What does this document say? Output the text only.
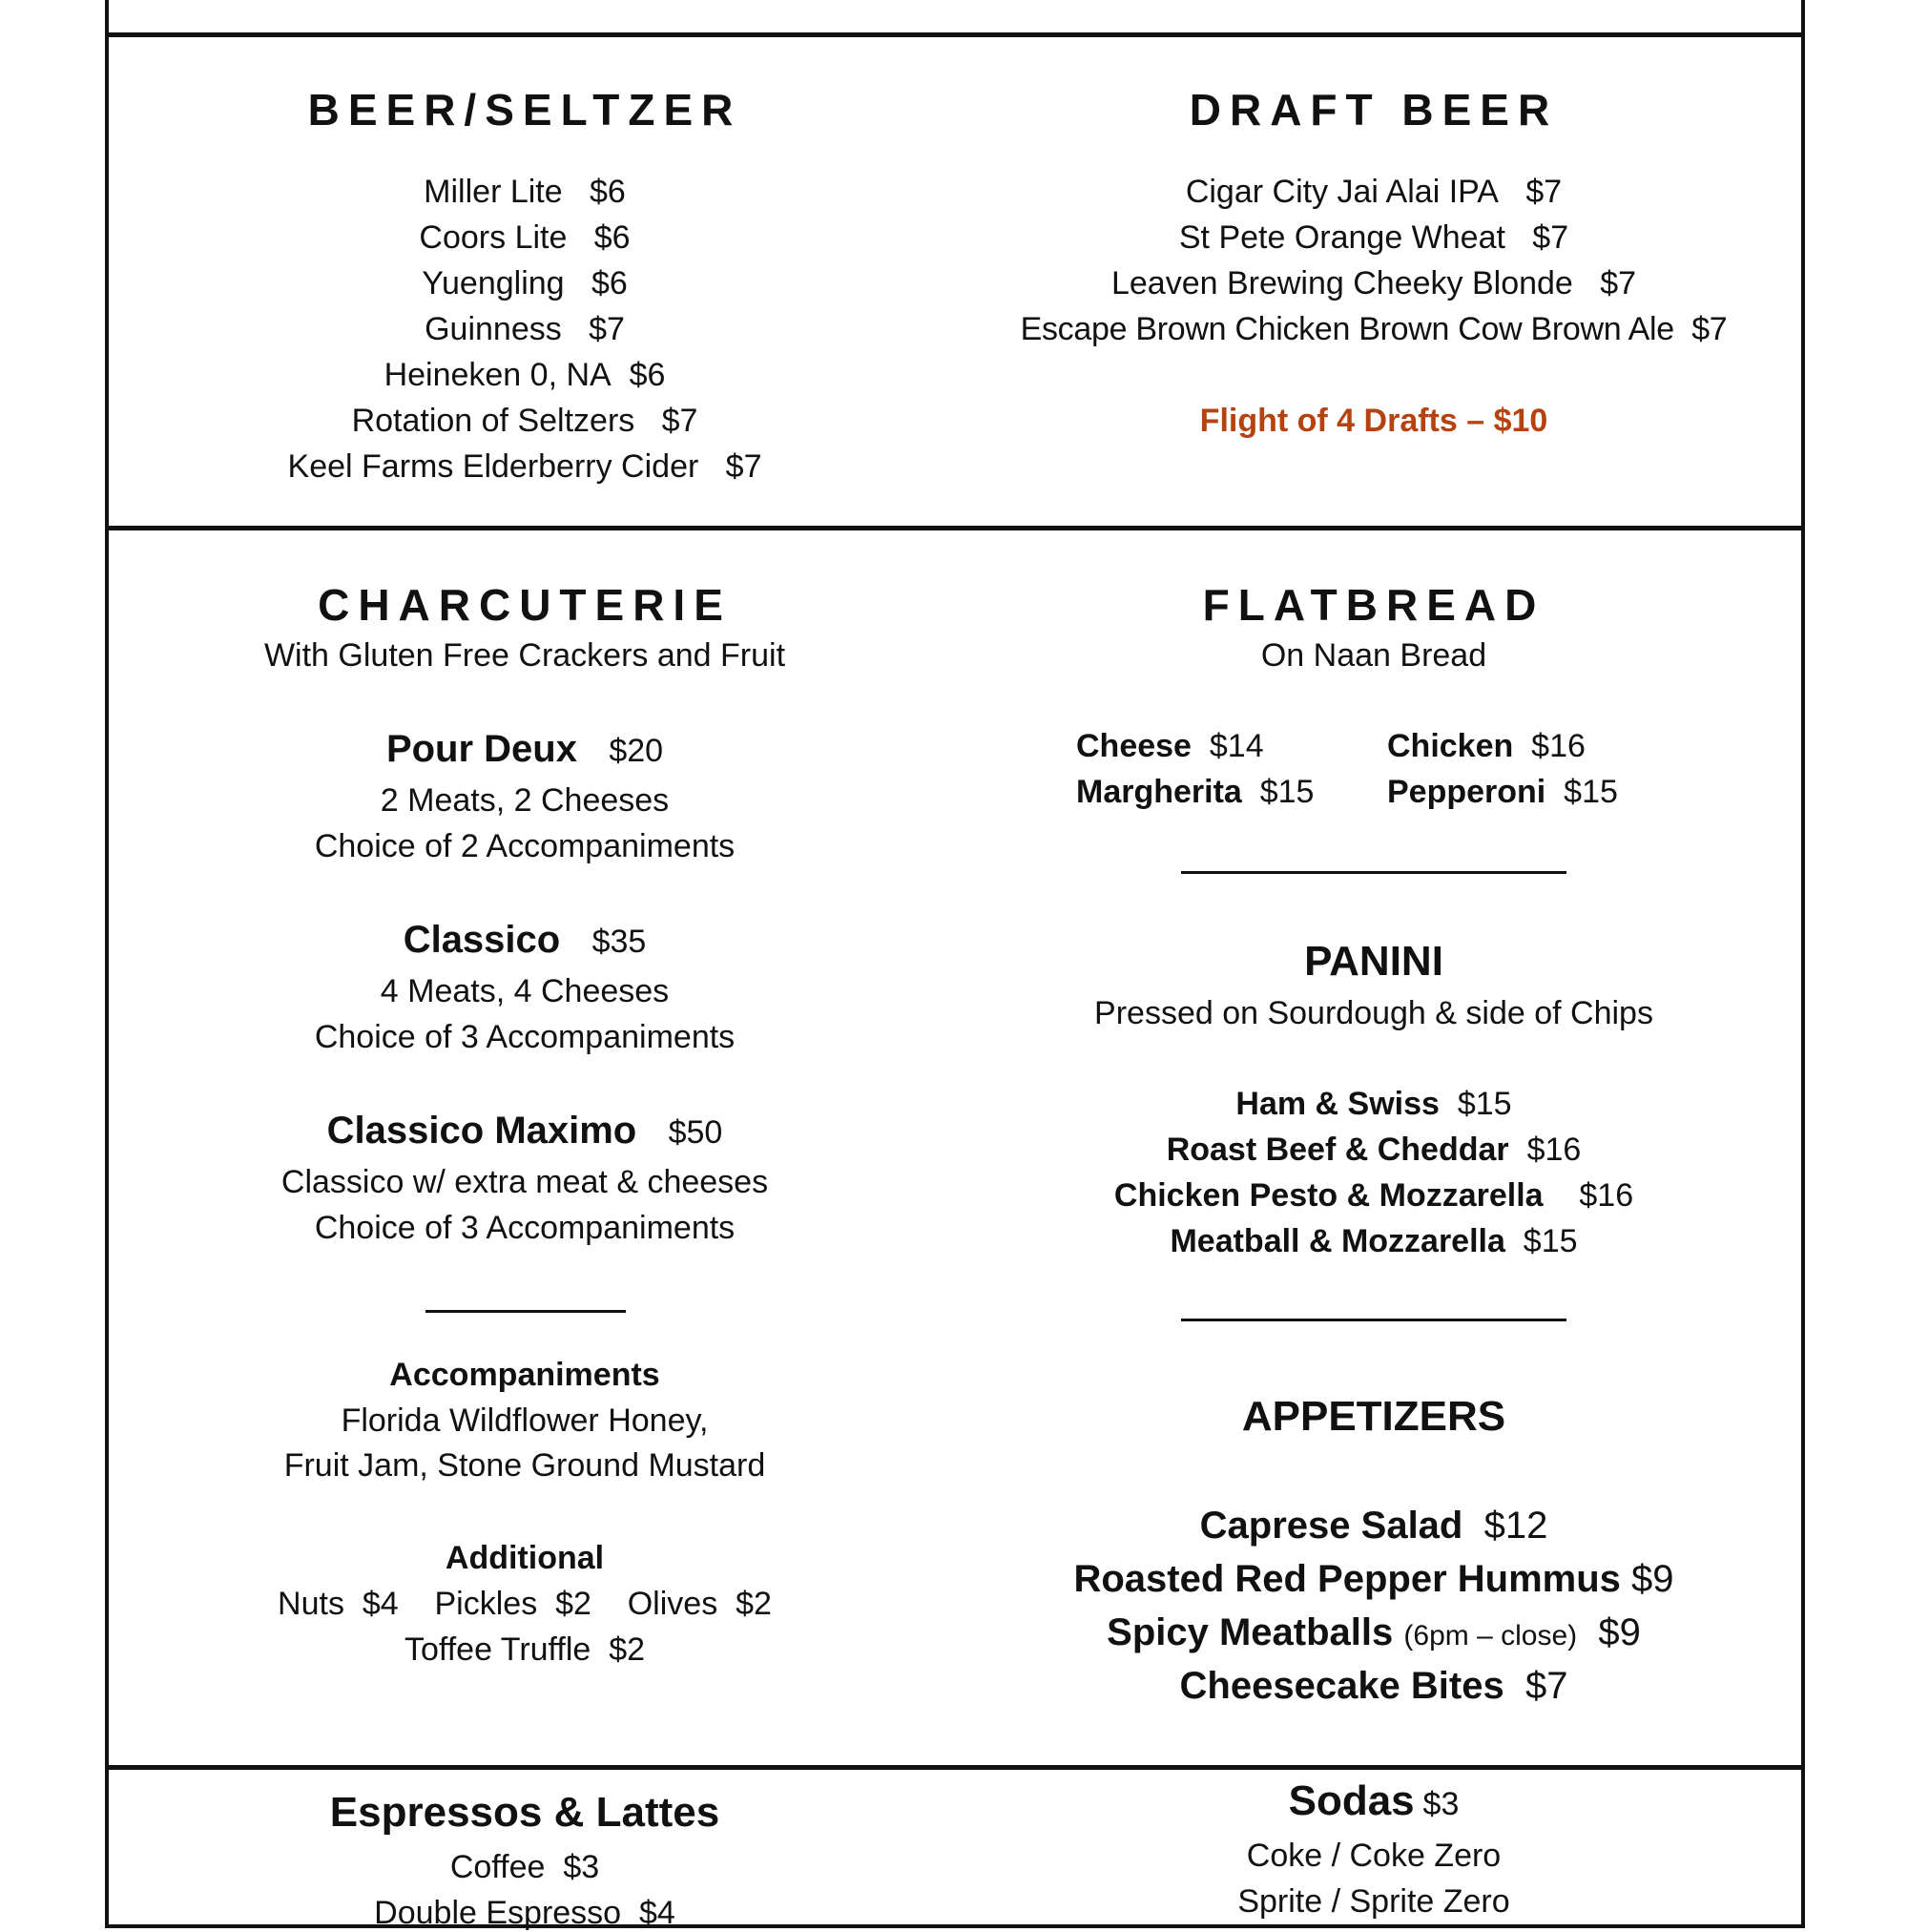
BEER/SELTZER
Miller Lite $6
Coors Lite $6
Yuengling $6
Guinness $7
Heineken 0, NA $6
Rotation of Seltzers $7
Keel Farms Elderberry Cider $7
DRAFT BEER
Cigar City Jai Alai IPA $7
St Pete Orange Wheat $7
Leaven Brewing Cheeky Blonde $7
Escape Brown Chicken Brown Cow Brown Ale $7
Flight of 4 Drafts – $10
CHARCUTERIE
With Gluten Free Crackers and Fruit
Pour Deux $20
2 Meats, 2 Cheeses
Choice of 2 Accompaniments
Classico $35
4 Meats, 4 Cheeses
Choice of 3 Accompaniments
Classico Maximo $50
Classico w/ extra meat & cheeses
Choice of 3 Accompaniments
Accompaniments
Florida Wildflower Honey,
Fruit Jam, Stone Ground Mustard
Additional
Nuts $4 Pickles $2 Olives $2
Toffee Truffle $2
FLATBREAD
On Naan Bread
Cheese $14	Chicken $16
Margherita $15 Pepperoni $15
PANINI
Pressed on Sourdough & side of Chips
Ham & Swiss $15
Roast Beef & Cheddar $16
Chicken Pesto & Mozzarella $16
Meatball & Mozzarella $15
APPETIZERS
Caprese Salad $12
Roasted Red Pepper Hummus $9
Spicy Meatballs (6pm – close) $9
Cheesecake Bites $7
Espressos & Lattes
Coffee $3
Double Espresso $4
Sodas $3
Coke / Coke Zero
Sprite / Sprite Zero
